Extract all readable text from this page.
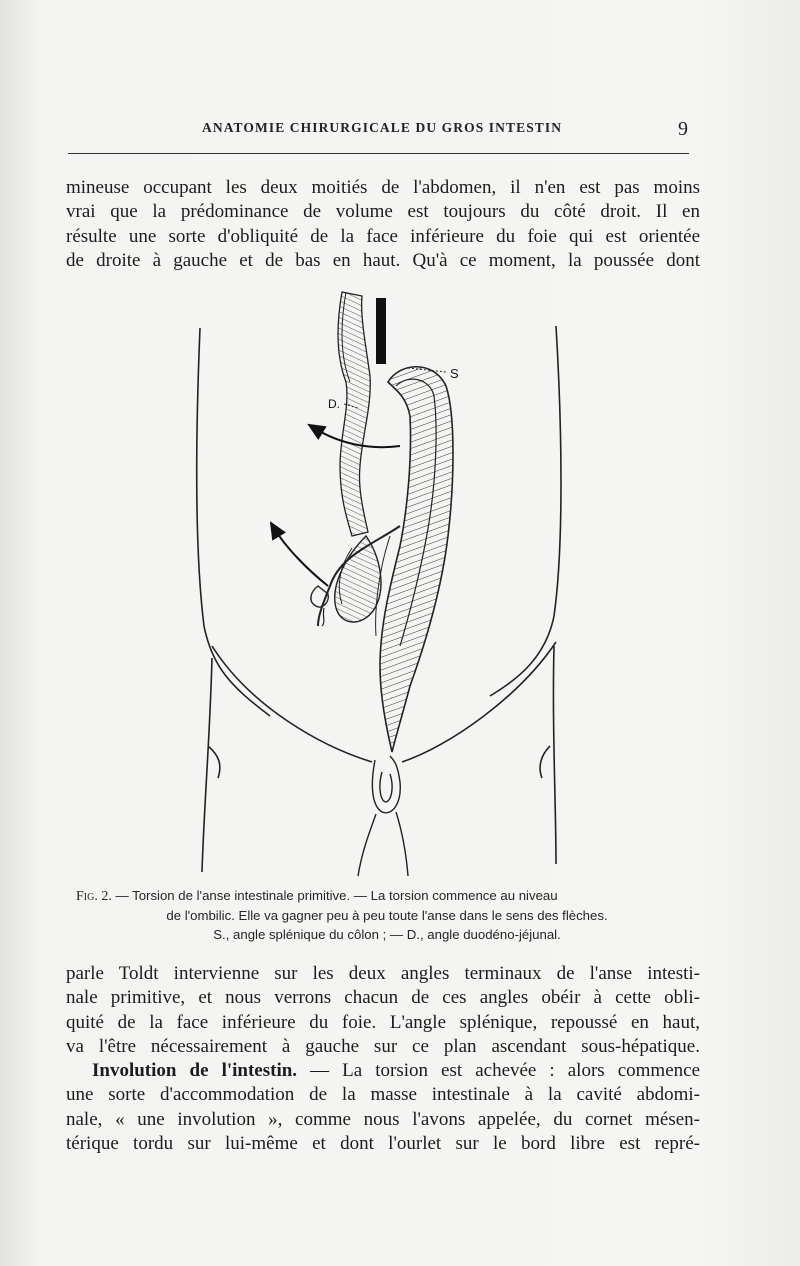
ANATOMIE CHIRURGICALE DU GROS INTESTIN	9
mineuse occupant les deux moitiés de l'abdomen, il n'en est pas moins
vrai que la prédominance de volume est toujours du côté droit. Il en
résulte une sorte d'obliquité de la face inférieure du foie qui est orientée
de droite à gauche et de bas en haut. Qu'à ce moment, la poussée dont
S
D.
Fig. 2. — Torsion de l'anse intestinale primitive. — La torsion commence au niveau
de l'ombilic. Elle va gagner peu à peu toute l'anse dans le sens des flèches.
S., angle splénique du côlon ; — D., angle duodéno-jéjunal.
parle Toldt intervienne sur les deux angles terminaux de l'anse intesti-
nale primitive, et nous verrons chacun de ces angles obéir à cette obli-
quité de la face inférieure du foie. L'angle splénique, repoussé en haut,
va l'être nécessairement à gauche sur ce plan ascendant sous-hépatique.
Involution de l'intestin. — La torsion est achevée : alors commence
une sorte d'accommodation de la masse intestinale à la cavité abdomi-
nale, « une involution », comme nous l'avons appelée, du cornet mésen-
térique tordu sur lui-même et dont l'ourlet sur le bord libre est repré-
